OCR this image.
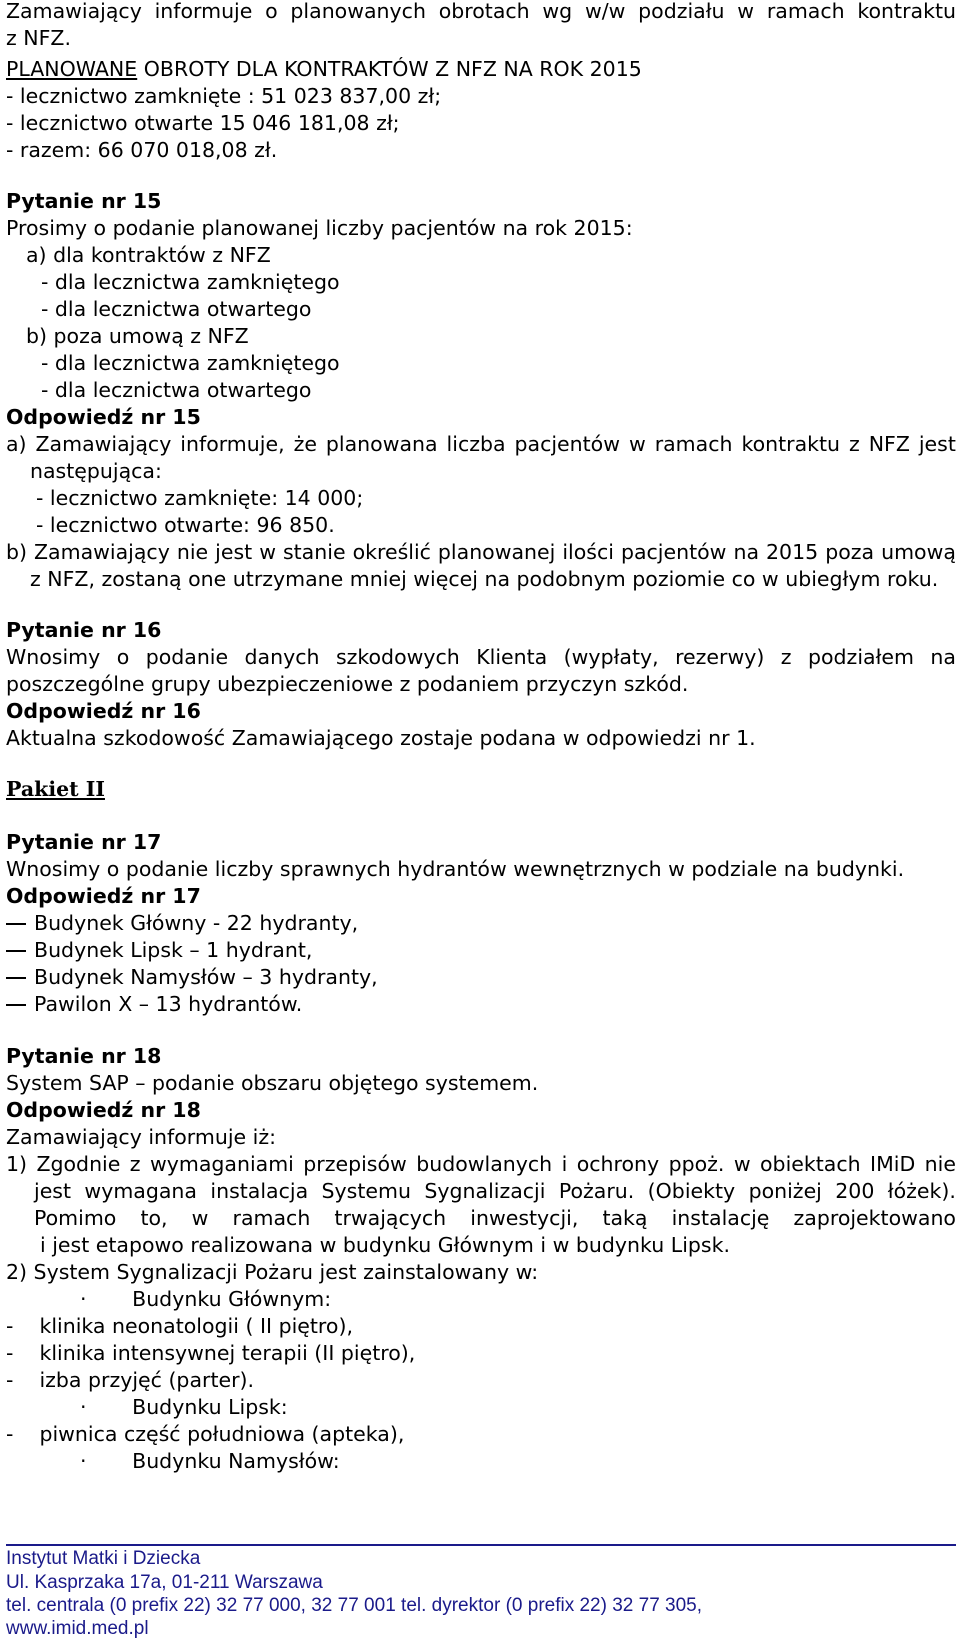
Zamawiający informuje o planowanych obrotach wg w/w podziału w ramach kontraktu
z NFZ.
PLANOWANE OBROTY DLA KONTRAKTÓW Z NFZ NA ROK 2015
- lecznictwo zamknięte : 51 023 837,00 zł;
- lecznictwo otwarte 15 046 181,08 zł;
- razem: 66 070 018,08 zł.
Pytanie nr 15
Prosimy o podanie planowanej liczby pacjentów na rok 2015:
a) dla kontraktów z NFZ
- dla lecznictwa zamkniętego
- dla lecznictwa otwartego
b) poza umową z NFZ
- dla lecznictwa zamkniętego
- dla lecznictwa otwartego
Odpowiedź nr 15
a) Zamawiający informuje, że planowana liczba pacjentów w ramach kontraktu z NFZ jest
następująca:
- lecznictwo zamknięte: 14 000;
- lecznictwo otwarte: 96 850.
b) Zamawiający nie jest w stanie określić planowanej ilości pacjentów na 2015 poza umową
z NFZ, zostaną one utrzymane mniej więcej na podobnym poziomie co w ubiegłym roku.
Pytanie nr 16
Wnosimy o podanie danych szkodowych Klienta (wypłaty, rezerwy) z podziałem na
poszczególne grupy ubezpieczeniowe z podaniem przyczyn szkód.
Odpowiedź nr 16
Aktualna szkodowość Zamawiającego zostaje podana w odpowiedzi nr 1.
Pakiet II
Pytanie nr 17
Wnosimy o podanie liczby sprawnych hydrantów wewnętrznych w podziale na budynki.
Odpowiedź nr 17
Budynek Główny - 22 hydranty,
Budynek Lipsk – 1 hydrant,
Budynek Namysłów – 3 hydranty,
Pawilon X – 13 hydrantów.
Pytanie nr 18
System SAP – podanie obszaru objętego systemem.
Odpowiedź nr 18
Zamawiający informuje iż:
1) Zgodnie z wymaganiami przepisów budowlanych i ochrony ppoż. w obiektach IMiD nie
jest wymagana instalacja Systemu Sygnalizacji Pożaru. (Obiekty poniżej 200 łóżek).
Pomimo to, w ramach trwających inwestycji, taką instalację zaprojektowano
i jest etapowo realizowana w budynku Głównym i w budynku Lipsk.
2) System Sygnalizacji Pożaru jest zainstalowany w:
·       Budynku Głównym:
-    klinika neonatologii ( II piętro),
-    klinika intensywnej terapii (II piętro),
-    izba przyjęć (parter).
·       Budynku Lipsk:
-    piwnica część południowa (apteka),
·       Budynku Namysłów:
Instytut Matki i Dziecka
Ul. Kasprzaka 17a, 01-211 Warszawa
tel. centrala (0 prefix 22) 32 77 000, 32 77 001 tel. dyrektor (0 prefix 22) 32 77 305,
www.imid.med.pl
